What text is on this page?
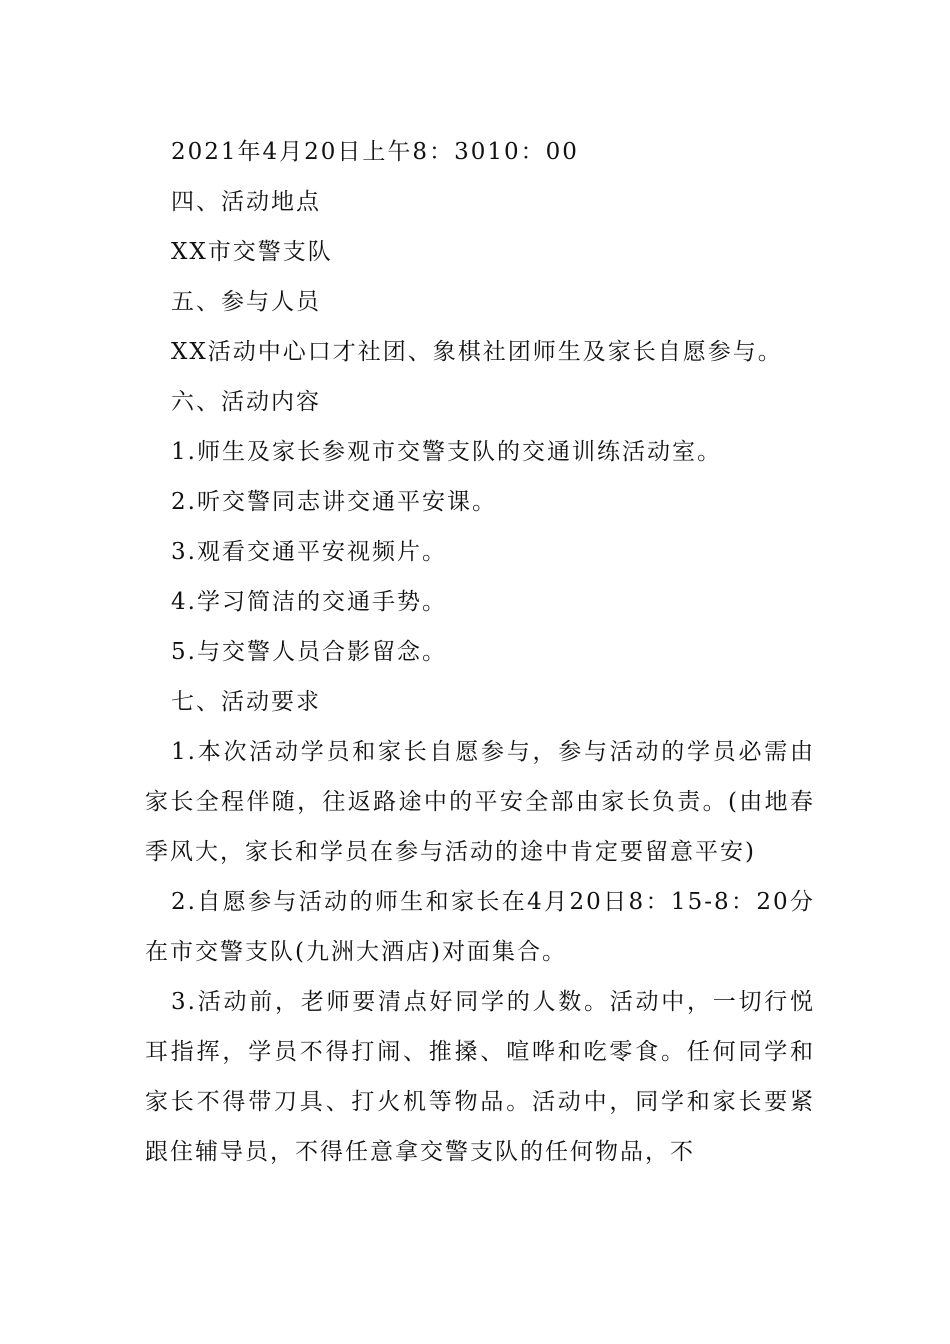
2021年4月20日上午8：3010：00
四、活动地点
XX市交警支队
五、参与人员
XX活动中心口才社团、象棋社团师生及家长自愿参与。
六、活动内容
1.师生及家长参观市交警支队的交通训练活动室。
2.听交警同志讲交通平安课。
3.观看交通平安视频片。
4.学习简洁的交通手势。
5.与交警人员合影留念。
七、活动要求
1.本次活动学员和家长自愿参与，参与活动的学员必需由家长全程伴随，往返路途中的平安全部由家长负责。(由地春季风大，家长和学员在参与活动的途中肯定要留意平安)
2.自愿参与活动的师生和家长在4月20日8：15-8：20分在市交警支队(九洲大酒店)对面集合。
3.活动前，老师要清点好同学的人数。活动中，一切行悦耳指挥，学员不得打闹、推搡、喧哗和吃零食。任何同学和家长不得带刀具、打火机等物品。活动中，同学和家长要紧跟住辅导员，不得任意拿交警支队的任何物品，不
